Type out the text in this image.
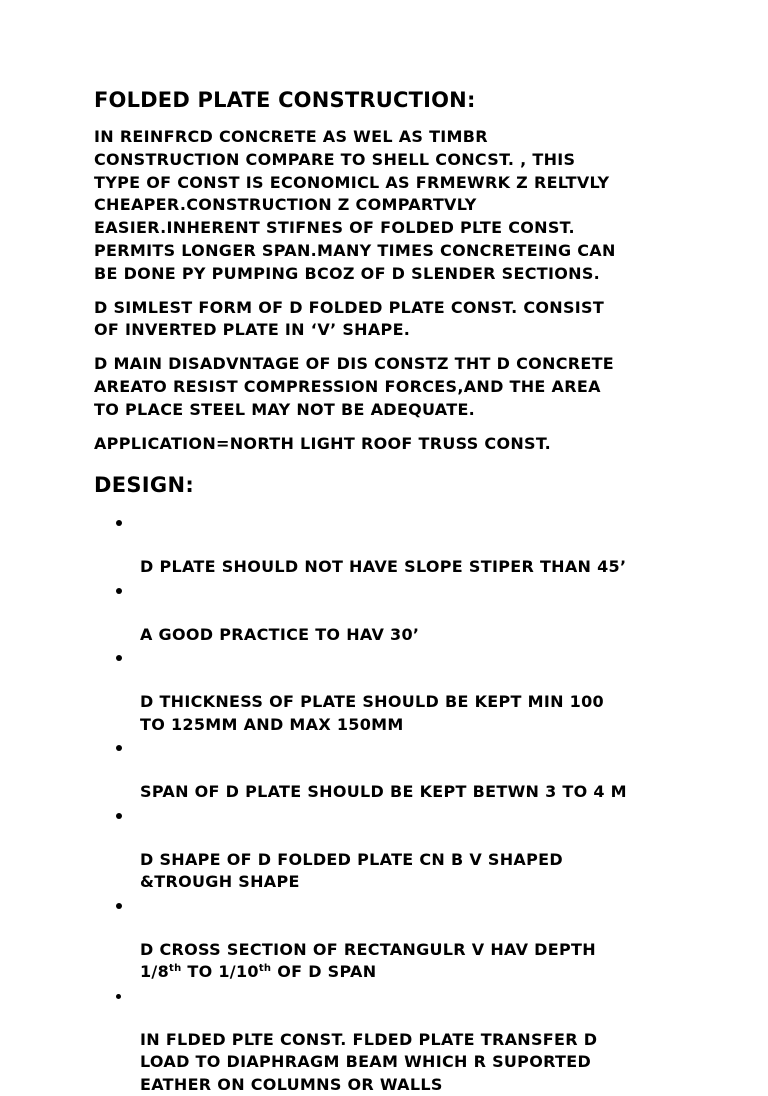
FOLDED PLATE CONSTRUCTION:
IN REINFRCD CONCRETE AS WEL AS TIMBR
CONSTRUCTION COMPARE TO SHELL CONCST. , THIS
TYPE OF CONST IS ECONOMICL AS FRMEWRK Z RELTVLY
CHEAPER.CONSTRUCTION Z COMPARTVLY
EASIER.INHERENT STIFNES OF FOLDED PLTE CONST.
PERMITS LONGER SPAN.MANY TIMES CONCRETEING CAN
BE DONE PY PUMPING BCOZ OF D SLENDER SECTIONS.
D SIMLEST FORM OF D FOLDED PLATE CONST. CONSIST
OF INVERTED PLATE IN ‘V’ SHAPE.
D MAIN DISADVNTAGE OF DIS CONSTZ THT D CONCRETE
AREATO RESIST COMPRESSION FORCES,AND THE AREA
TO PLACE STEEL MAY NOT BE ADEQUATE.
APPLICATION=NORTH LIGHT ROOF TRUSS CONST.
DESIGN:

D PLATE SHOULD NOT HAVE SLOPE STIPER THAN 45’

A GOOD PRACTICE TO HAV 30’

D THICKNESS OF PLATE SHOULD BE KEPT MIN 100
TO 125MM AND MAX 150MM

SPAN OF D PLATE SHOULD BE KEPT BETWN 3 TO 4 M

D SHAPE OF D FOLDED PLATE CN B V SHAPED
&TROUGH SHAPE

D CROSS SECTION OF RECTANGULR V HAV DEPTH
1/8th TO 1/10th OF D SPAN

IN FLDED PLTE CONST. FLDED PLATE TRANSFER D
LOAD TO DIAPHRAGM BEAM WHICH R SUPORTED
EATHER ON COLUMNS OR WALLS
